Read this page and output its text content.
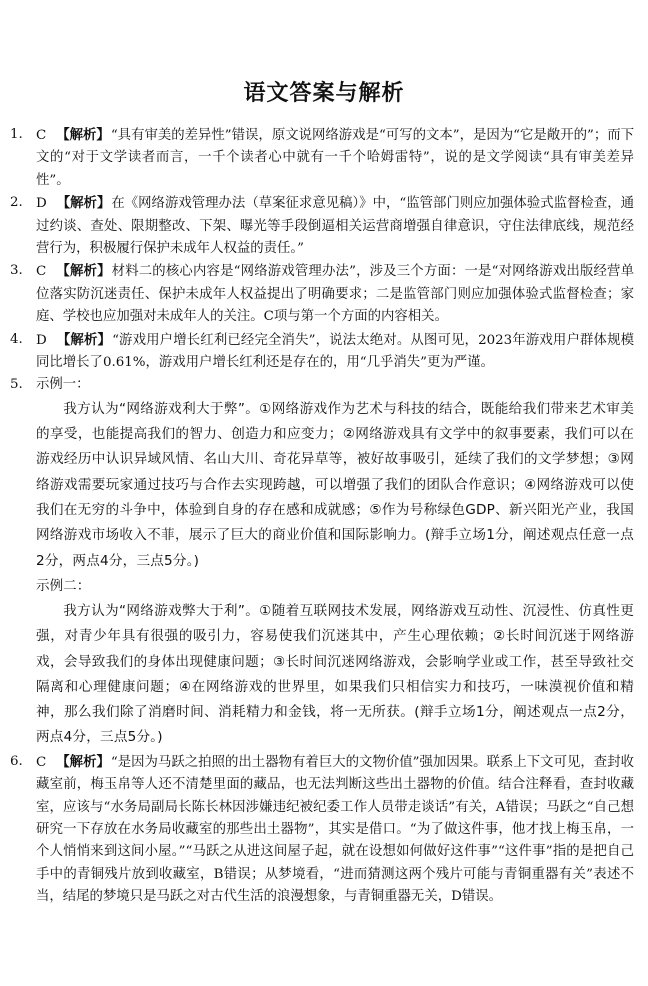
语文答案与解析

1. C 【解析】“具有审美的差异性”错误，原文说网络游戏是“可写的文本”，是因为“它是敞开的”；而下文的“对于文学读者而言，一千个读者心中就有一千个哈姆雷特”，说的是文学阅读“具有审美差异性”。

2. D 【解析】在《网络游戏管理办法（草案征求意见稿）》中，“监管部门则应加强体验式监督检查，通过约谈、查处、限期整改、下架、曝光等手段倒逼相关运营商增强自律意识，守住法律底线，规范经营行为，积极履行保护未成年人权益的责任。”

3. C 【解析】材料二的核心内容是“网络游戏管理办法”，涉及三个方面：一是“对网络游戏出版经营单位落实防沉迷责任、保护未成年人权益提出了明确要求；二是监管部门则应加强体验式监督检查；家庭、学校也应加强对未成年人的关注。C项与第一个方面的内容相关。

4. D 【解析】“游戏用户增长红利已经完全消失”，说法太绝对。从图可见，2023年游戏用户群体规模同比增长了0.61%，游戏用户增长红利还是存在的，用“几乎消失”更为严谨。

5. 示例一：

我方认为“网络游戏利大于弊”。①网络游戏作为艺术与科技的结合，既能给我们带来艺术审美的享受，也能提高我们的智力、创造力和应变力；②网络游戏具有文学中的叙事要素，我们可以在游戏经历中认识异域风情、名山大川、奇花异草等，被好故事吸引，延续了我们的文学梦想；③网络游戏需要玩家通过技巧与合作去实现跨越，可以增强了我们的团队合作意识；④网络游戏可以使我们在无穷的斗争中，体验到自身的存在感和成就感；⑤作为号称绿色GDP、新兴阳光产业，我国网络游戏市场收入不菲，展示了巨大的商业价值和国际影响力。(辩手立场1分，阐述观点任意一点2分，两点4分，三点5分。)

示例二：

我方认为“网络游戏弊大于利”。①随着互联网技术发展，网络游戏互动性、沉浸性、仿真性更强，对青少年具有很强的吸引力，容易使我们沉迷其中，产生心理依赖；②长时间沉迷于网络游戏，会导致我们的身体出现健康问题；③长时间沉迷网络游戏，会影响学业或工作，甚至导致社交隔离和心理健康问题；④在网络游戏的世界里，如果我们只相信实力和技巧，一味漠视价值和精神，那么我们除了消磨时间、消耗精力和金钱，将一无所获。(辩手立场1分，阐述观点一点2分，两点4分，三点5分。)

6. C 【解析】“是因为马跃之拍照的出土器物有着巨大的文物价值”强加因果。联系上下文可见，查封收藏室前，梅玉帛等人还不清楚里面的藏品，也无法判断这些出土器物的价值。结合注释看，查封收藏室，应该与“水务局副局长陈长林因涉嫌违纪被纪委工作人员带走谈话”有关，A错误；马跃之“自己想研究一下存放在水务局收藏室的那些出土器物”，其实是借口。“为了做这件事，他才找上梅玉帛，一个人悄悄来到这间小屋。”“马跃之从进这间屋子起，就在设想如何做好这件事”“这件事”指的是把自己手中的青铜残片放到收藏室，B错误；从梦境看，“进而猜测这两个残片可能与青铜重器有关”表述不当，结尾的梦境只是马跃之对古代生活的浪漫想象，与青铜重器无关，D错误。
